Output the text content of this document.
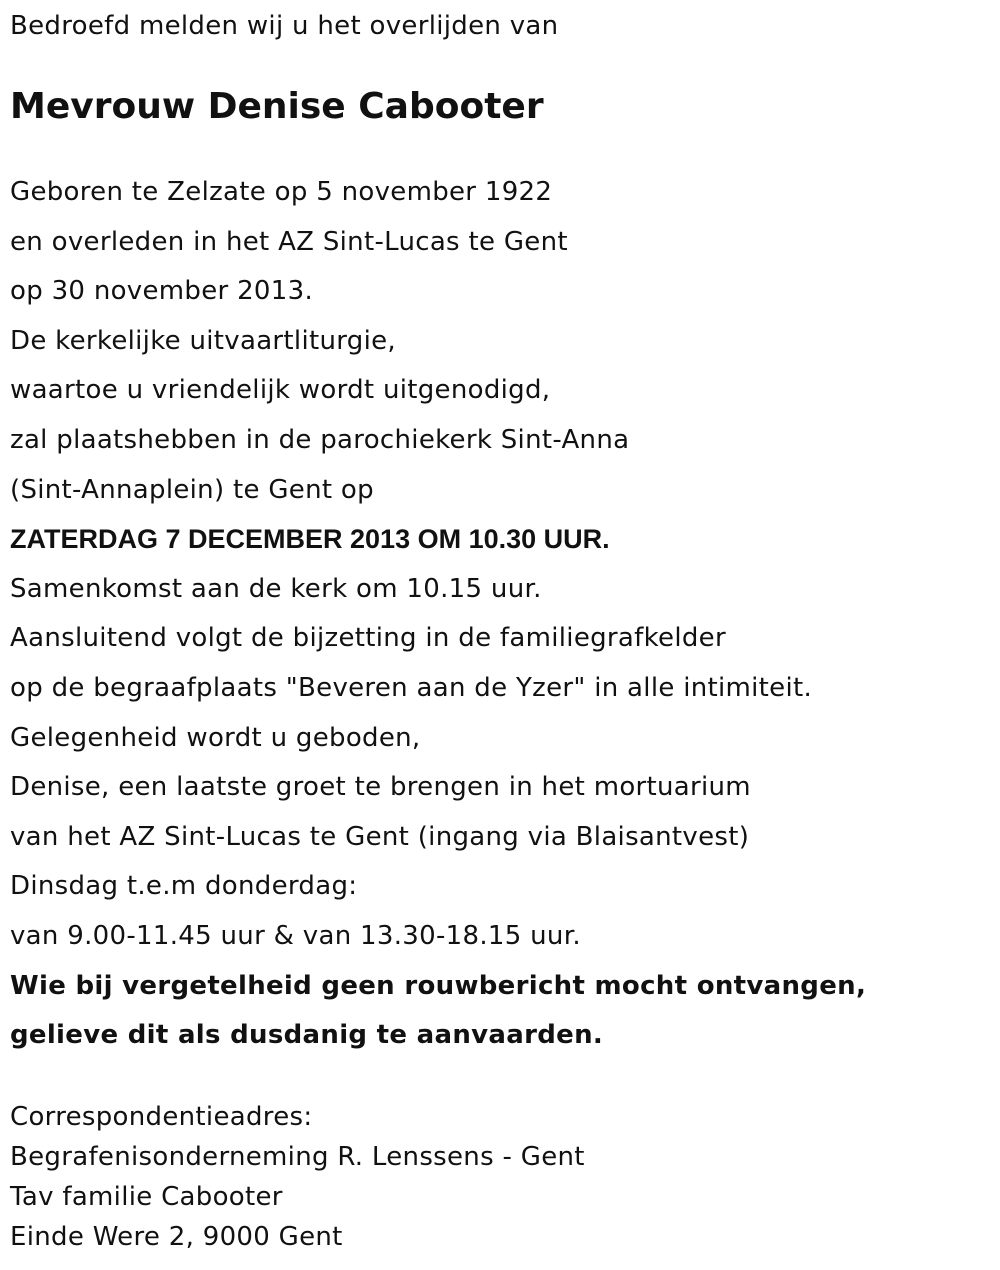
Bedroefd melden wij u het overlijden van
Mevrouw Denise Cabooter
Geboren te Zelzate op 5 november 1922
en overleden in het AZ Sint-Lucas te Gent
op 30 november 2013.
De kerkelijke uitvaartliturgie,
waartoe u vriendelijk wordt uitgenodigd,
zal plaatshebben in de parochiekerk Sint-Anna
(Sint-Annaplein) te Gent op
ZATERDAG 7 DECEMBER 2013 OM 10.30 UUR.
Samenkomst aan de kerk om 10.15 uur.
Aansluitend volgt de bijzetting in de familiegrafkelder
op de begraafplaats "Beveren aan de Yzer" in alle intimiteit.
Gelegenheid wordt u geboden,
Denise, een laatste groet te brengen in het mortuarium
van het AZ Sint-Lucas te Gent (ingang via Blaisantvest)
Dinsdag t.e.m donderdag:
van 9.00-11.45 uur & van 13.30-18.15 uur.
Wie bij vergetelheid geen rouwbericht mocht ontvangen,
gelieve dit als dusdanig te aanvaarden.
Correspondentieadres:
Begrafenisonderneming R. Lenssens - Gent
Tav familie Cabooter
Einde Were 2, 9000 Gent
